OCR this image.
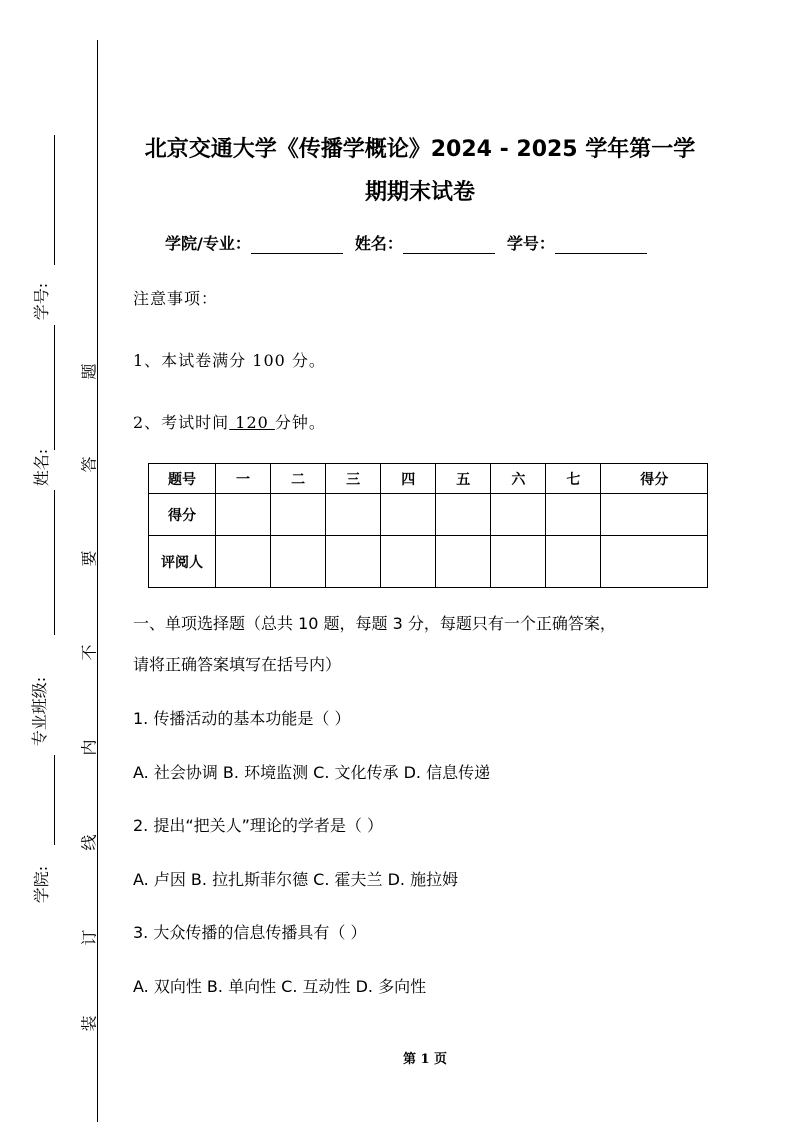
学号:
姓名:
专业班级:
学院:
题
答
要
不
内
线
订
装
北京交通大学《传播学概论》2024 - 2025 学年第一学
期期末试卷
学院/专业：	姓名：	学号：
注意事项：
1、本试卷满分 100 分。
2、考试时间 120 分钟。
题号	一	二	三	四	五	六	七	得分
得分								
评阅人								
一、单项选择题（总共 10 题，每题 3 分，每题只有一个正确答案，
请将正确答案填写在括号内）
1. 传播活动的基本功能是（ ）
A. 社会协调 B. 环境监测 C. 文化传承 D. 信息传递
2. 提出“把关人”理论的学者是（ ）
A. 卢因 B. 拉扎斯菲尔德 C. 霍夫兰 D. 施拉姆
3. 大众传播的信息传播具有（ ）
A. 双向性 B. 单向性 C. 互动性 D. 多向性
第 1 页
